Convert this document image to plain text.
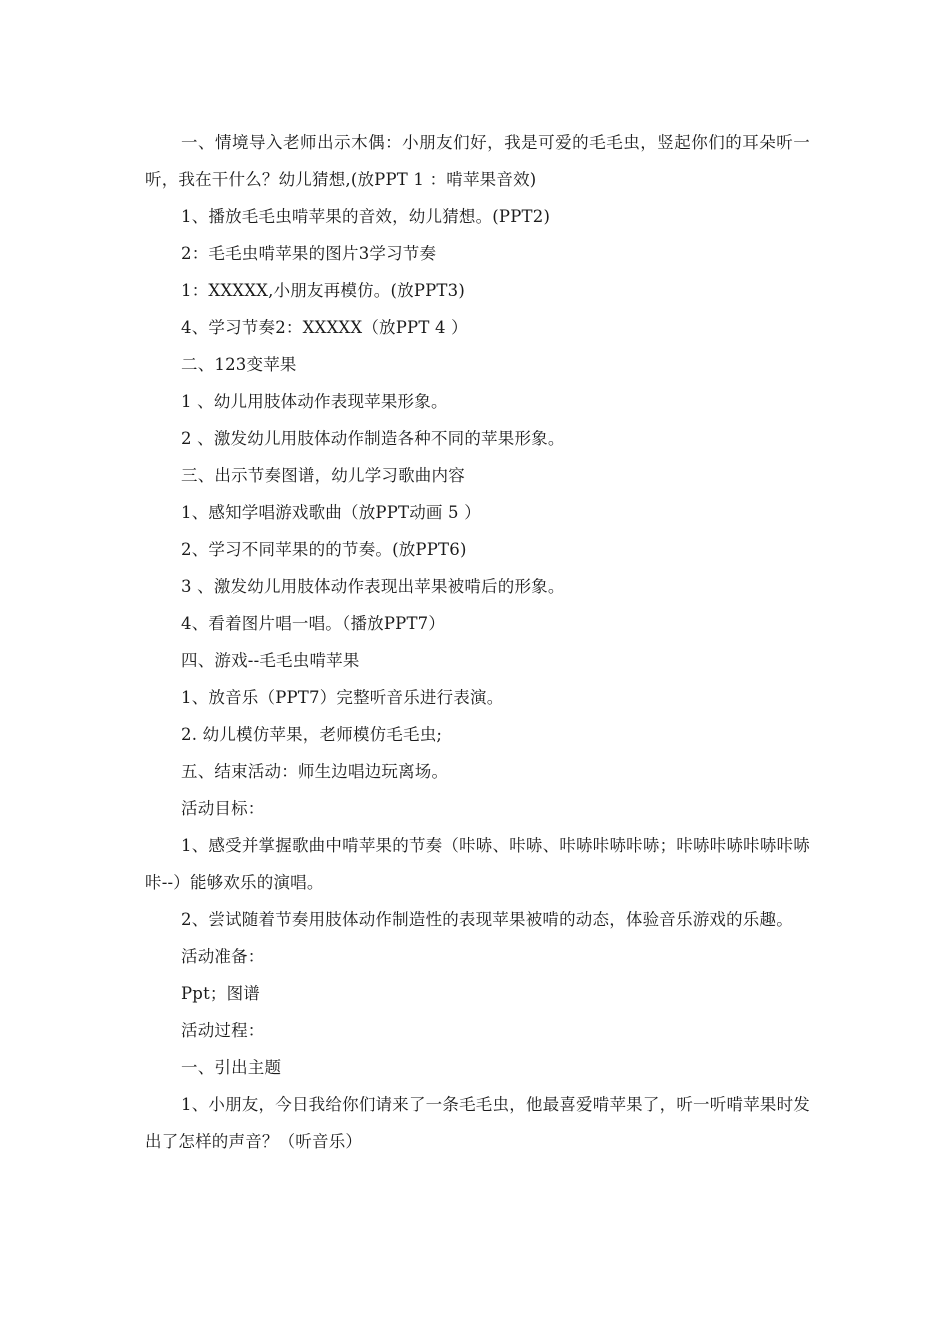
一、情境导入老师出示木偶：小朋友们好，我是可爱的毛毛虫，竖起你们的耳朵听一听，我在干什么？幼儿猜想,(放PPT 1 ：啃苹果音效)

1、播放毛毛虫啃苹果的音效，幼儿猜想。(PPT2)

2：毛毛虫啃苹果的图片3学习节奏

1：XXXXX,小朋友再模仿。(放PPT3)

4、学习节奏2：XXXXX（放PPT 4 ）

二、123变苹果

1 、幼儿用肢体动作表现苹果形象。

2 、激发幼儿用肢体动作制造各种不同的苹果形象。

三、出示节奏图谱，幼儿学习歌曲内容

1、感知学唱游戏歌曲（放PPT动画 5 ）

2、学习不同苹果的的节奏。(放PPT6)

3 、激发幼儿用肢体动作表现出苹果被啃后的形象。

4、看着图片唱一唱。（播放PPT7）

四、游戏--毛毛虫啃苹果

1、放音乐（PPT7）完整听音乐进行表演。

2. 幼儿模仿苹果，老师模仿毛毛虫;

五、结束活动：师生边唱边玩离场。

活动目标：

1、感受并掌握歌曲中啃苹果的节奏（咔哧、咔哧、咔哧咔哧咔哧；咔哧咔哧咔哧咔哧咔--）能够欢乐的演唱。

2、尝试随着节奏用肢体动作制造性的表现苹果被啃的动态，体验音乐游戏的乐趣。

活动准备：

Ppt；图谱

活动过程：

一、引出主题

1、小朋友，今日我给你们请来了一条毛毛虫，他最喜爱啃苹果了，听一听啃苹果时发出了怎样的声音？（听音乐）
